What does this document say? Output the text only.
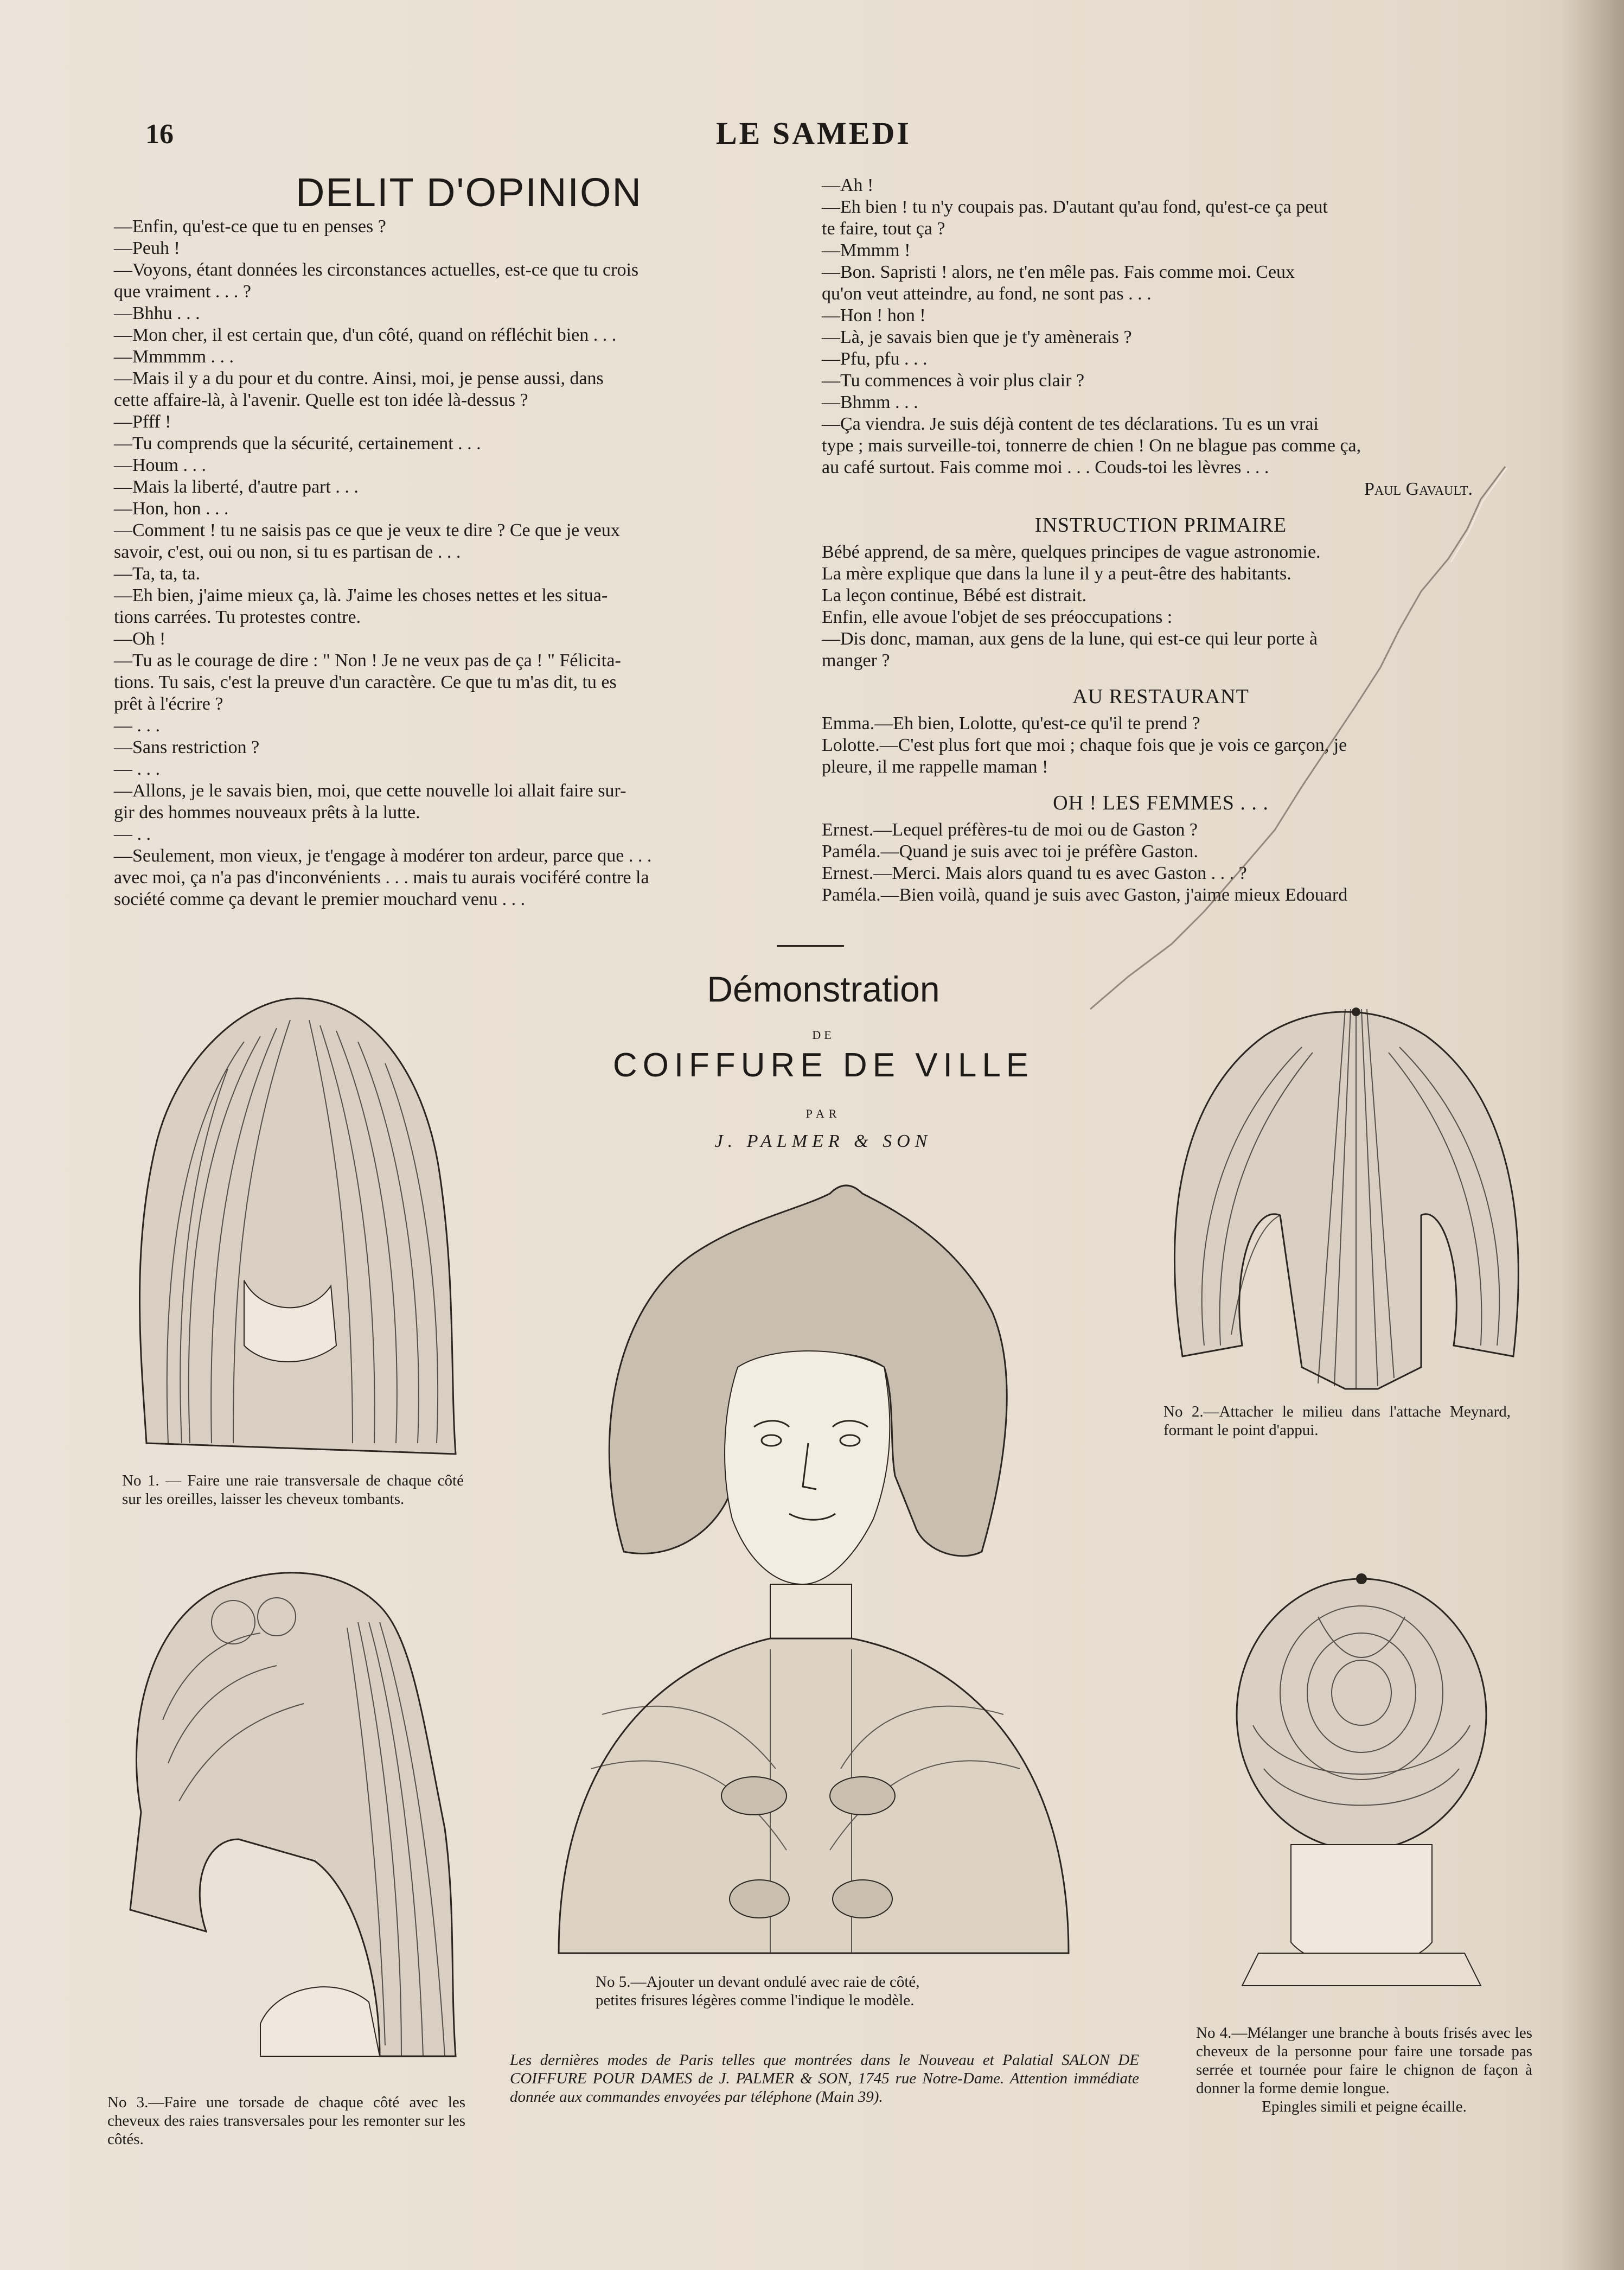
16	LE SAMEDI
DELIT D'OPINION
—Enfin, qu'est-ce que tu en penses ?
—Peuh !
—Voyons, étant données les circonstances actuelles, est-ce que tu crois
que vraiment . . . ?
—Bhhu . . .
—Mon cher, il est certain que, d'un côté, quand on réfléchit bien . . .
—Mmmmm . . .
—Mais il y a du pour et du contre. Ainsi, moi, je pense aussi, dans
cette affaire-là, à l'avenir. Quelle est ton idée là-dessus ?
—Pfff !
—Tu comprends que la sécurité, certainement . . .
—Houm . . .
—Mais la liberté, d'autre part . . .
—Hon, hon . . .
—Comment ! tu ne saisis pas ce que je veux te dire ? Ce que je veux
savoir, c'est, oui ou non, si tu es partisan de . . .
—Ta, ta, ta.
—Eh bien, j'aime mieux ça, là. J'aime les choses nettes et les situa-
tions carrées. Tu protestes contre.
—Oh !
—Tu as le courage de dire : " Non ! Je ne veux pas de ça ! " Félicita-
tions. Tu sais, c'est la preuve d'un caractère. Ce que tu m'as dit, tu es
prêt à l'écrire ?
— . . .
—Sans restriction ?
— . . .
—Allons, je le savais bien, moi, que cette nouvelle loi allait faire sur-
gir des hommes nouveaux prêts à la lutte.
— . .
—Seulement, mon vieux, je t'engage à modérer ton ardeur, parce que . . .
avec moi, ça n'a pas d'inconvénients . . . mais tu aurais vociféré contre la
société comme ça devant le premier mouchard venu . . .
—Ah !
—Eh bien ! tu n'y coupais pas. D'autant qu'au fond, qu'est-ce ça peut
te faire, tout ça ?
—Mmmm !
—Bon. Sapristi ! alors, ne t'en mêle pas. Fais comme moi. Ceux
qu'on veut atteindre, au fond, ne sont pas . . .
—Hon ! hon !
—Là, je savais bien que je t'y amènerais ?
—Pfu, pfu . . .
—Tu commences à voir plus clair ?
—Bhmm . . .
—Ça viendra. Je suis déjà content de tes déclarations. Tu es un vrai
type ; mais surveille-toi, tonnerre de chien ! On ne blague pas comme ça,
au café surtout. Fais comme moi . . . Couds-toi les lèvres . . .
Paul Gavault.
INSTRUCTION PRIMAIRE
Bébé apprend, de sa mère, quelques principes de vague astronomie.
La mère explique que dans la lune il y a peut-être des habitants.
La leçon continue, Bébé est distrait.
Enfin, elle avoue l'objet de ses préoccupations :
—Dis donc, maman, aux gens de la lune, qui est-ce qui leur porte à
manger ?
AU RESTAURANT
Emma.—Eh bien, Lolotte, qu'est-ce qu'il te prend ?
Lolotte.—C'est plus fort que moi ; chaque fois que je vois ce garçon, je
pleure, il me rappelle maman !
OH ! LES FEMMES . . .
Ernest.—Lequel préfères-tu de moi ou de Gaston ?
Paméla.—Quand je suis avec toi je préfère Gaston.
Ernest.—Merci. Mais alors quand tu es avec Gaston . . . ?
Paméla.—Bien voilà, quand je suis avec Gaston, j'aime mieux Edouard
Démonstration
DE
COIFFURE DE VILLE
PAR
J. PALMER & SON
No 1. — Faire une raie transversale de chaque côté sur les oreilles, laisser les cheveux tombants.
No 2.—Attacher le milieu dans l'attache Meynard, formant le point d'appui.
No 3.—Faire une torsade de chaque côté avec les cheveux des raies transversales pour les remonter sur les côtés.
No 4.—Mélanger une branche à bouts frisés avec les cheveux de la personne pour faire une torsade pas serrée et tournée pour faire le chignon de façon à donner la forme demie longue.
Epingles simili et peigne écaille.
No 5.—Ajouter un devant ondulé avec raie de côté,
petites frisures légères comme l'indique le modèle.
Les dernières modes de Paris telles que montrées dans le Nouveau et Palatial SALON DE COIFFURE POUR DAMES de J. PALMER & SON, 1745 rue Notre-Dame. Attention immédiate donnée aux commandes envoyées par téléphone (Main 39).
